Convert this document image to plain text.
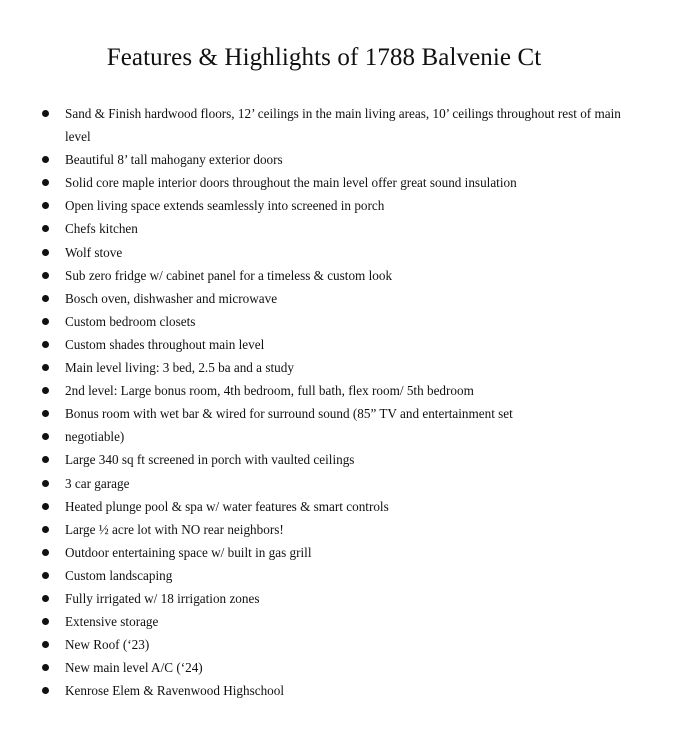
Features & Highlights of 1788 Balvenie Ct
Sand & Finish hardwood floors, 12’ ceilings in the main living areas, 10’ ceilings throughout rest of main level
Beautiful 8’ tall mahogany exterior doors
Solid core maple interior doors throughout the main level offer great sound insulation
Open living space extends seamlessly into screened in porch
Chefs kitchen
Wolf stove
Sub zero fridge w/ cabinet panel for a timeless & custom look
Bosch oven, dishwasher and microwave
Custom bedroom closets
Custom shades throughout main level
Main level living: 3 bed, 2.5 ba and a study
2nd level: Large bonus room, 4th bedroom, full bath, flex room/ 5th bedroom
Bonus room with wet bar & wired for surround sound (85” TV and entertainment set
negotiable)
Large 340 sq ft screened in porch with vaulted ceilings
3 car garage
Heated plunge pool & spa w/ water features & smart controls
Large ½ acre lot with NO rear neighbors!
Outdoor entertaining space w/ built in gas grill
Custom landscaping
Fully irrigated w/ 18 irrigation zones
Extensive storage
New Roof (‘23)
New main level A/C (‘24)
Kenrose Elem & Ravenwood Highschool
